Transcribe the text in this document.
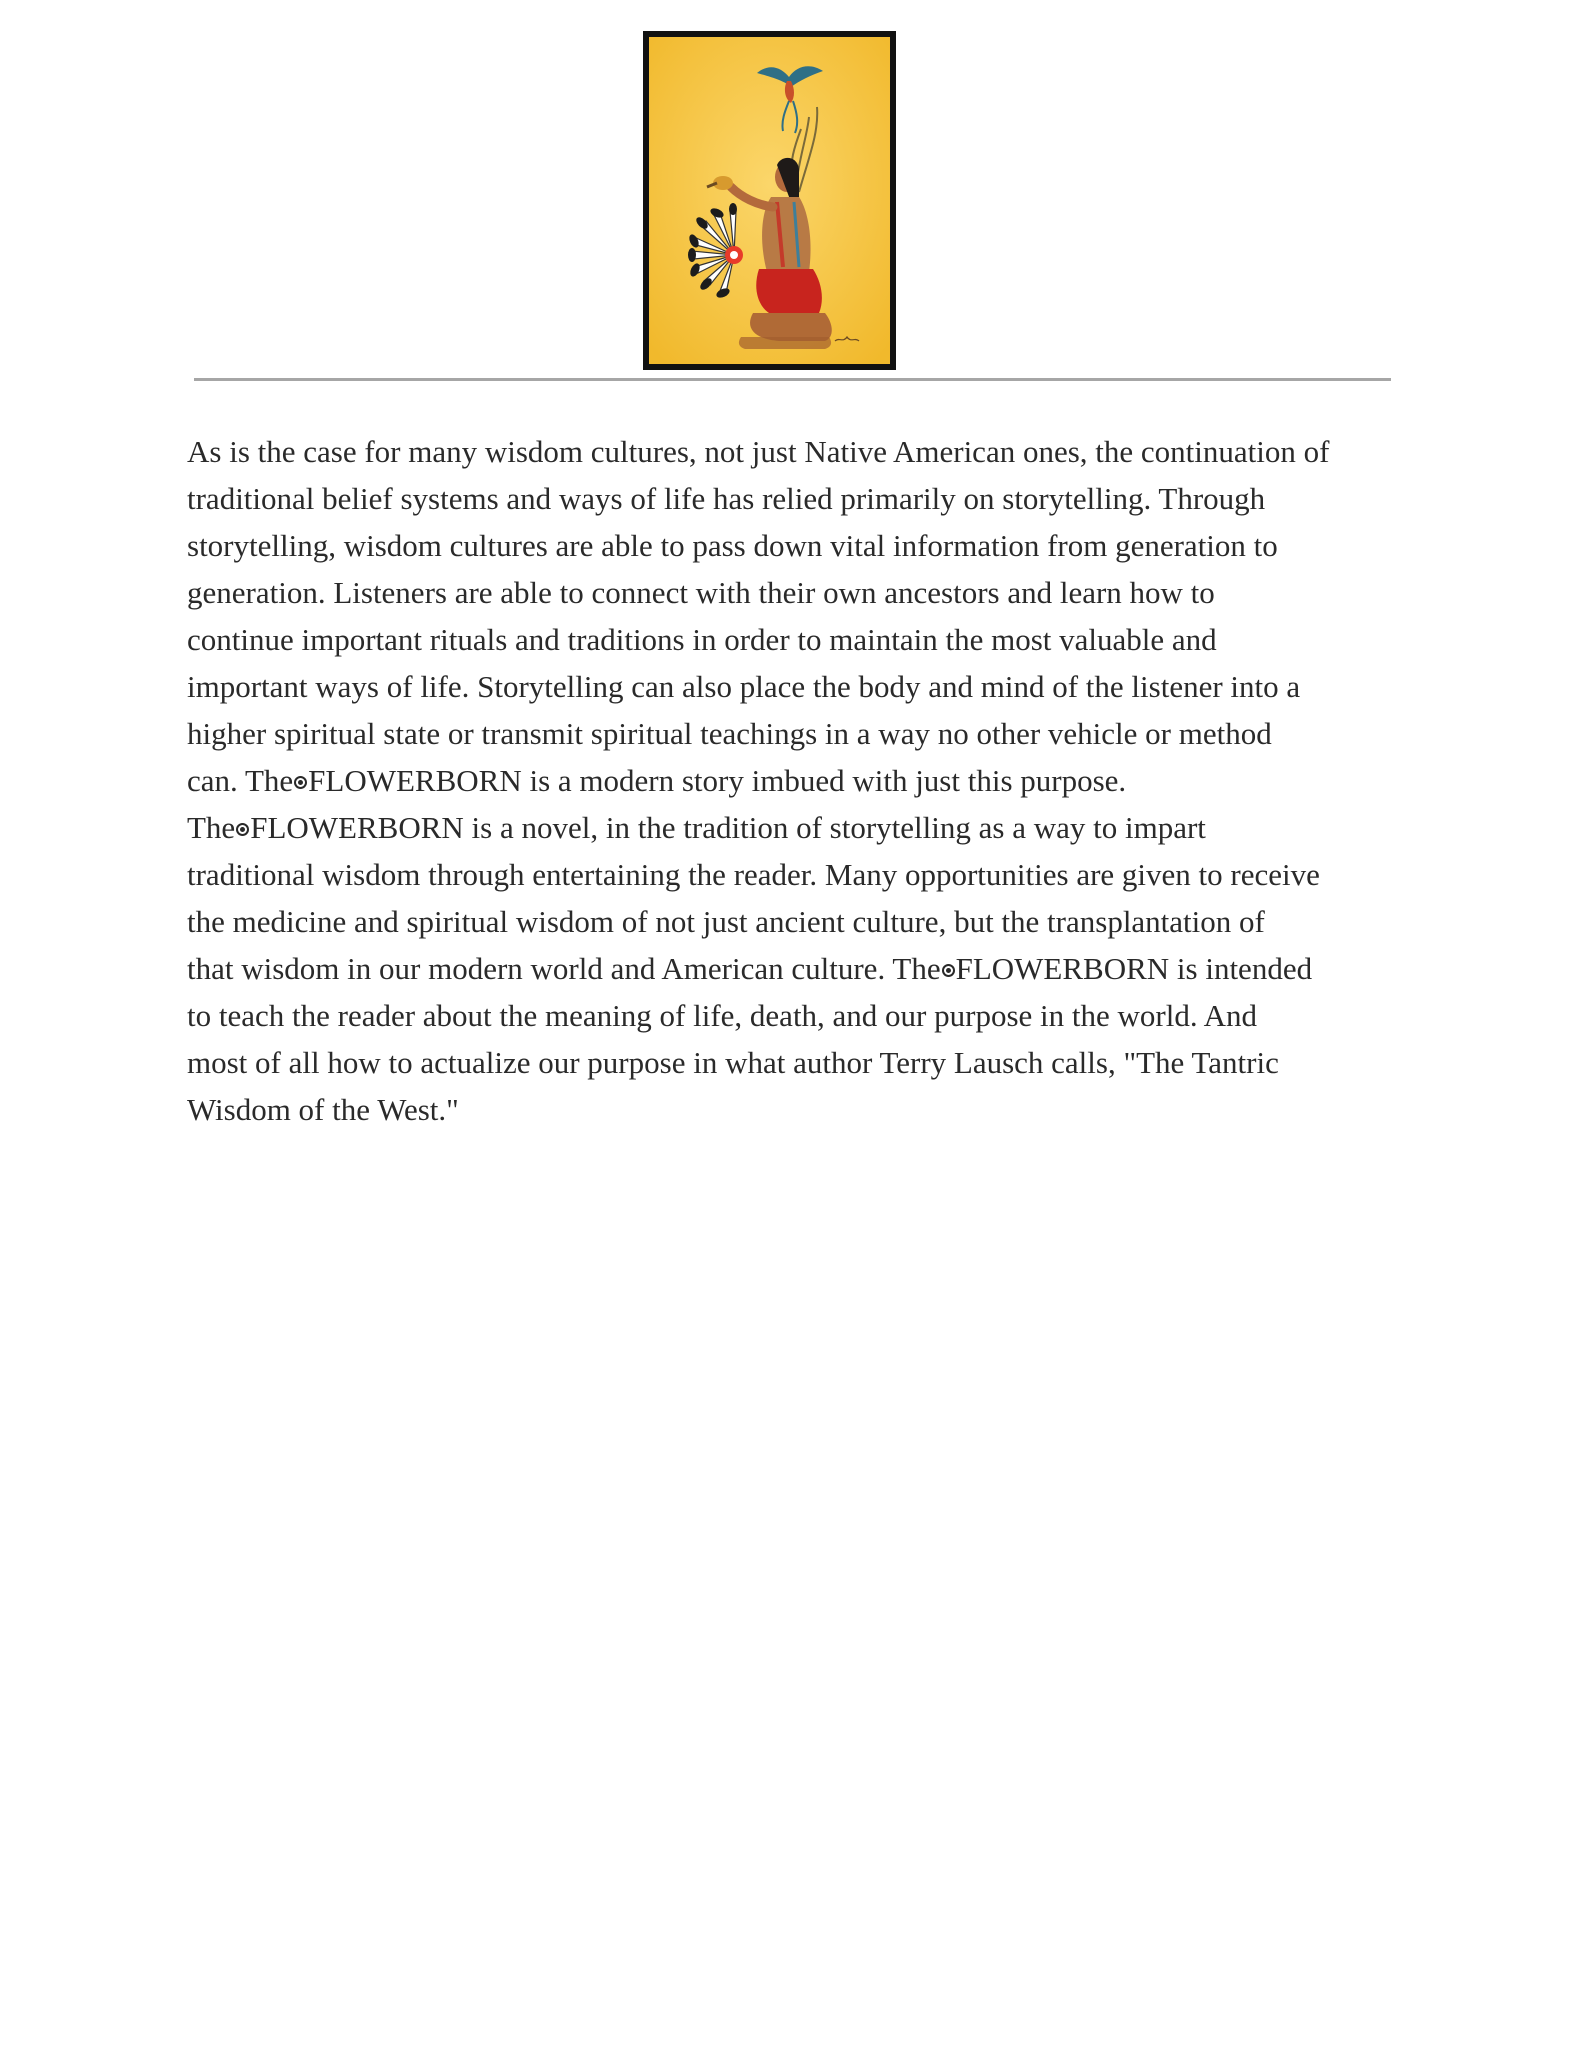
As is the case for many wisdom cultures, not just Native American ones, the continuation of
traditional belief systems and ways of life has relied primarily on storytelling. Through
storytelling, wisdom cultures are able to pass down vital information from generation to
generation. Listeners are able to connect with their own ancestors and learn how to
continue important rituals and traditions in order to maintain the most valuable and
important ways of life. Storytelling can also place the body and mind of the listener into a
higher spiritual state or transmit spiritual teachings in a way no other vehicle or method
can. The FLOWERBORN is a modern story imbued with just this purpose.
The FLOWERBORN is a novel, in the tradition of storytelling as a way to impart
traditional wisdom through entertaining the reader. Many opportunities are given to receive
the medicine and spiritual wisdom of not just ancient culture, but the transplantation of
that wisdom in our modern world and American culture. The FLOWERBORN is intended
to teach the reader about the meaning of life, death, and our purpose in the world. And
most of all how to actualize our purpose in what author Terry Lausch calls, "The Tantric
Wisdom of the West."
